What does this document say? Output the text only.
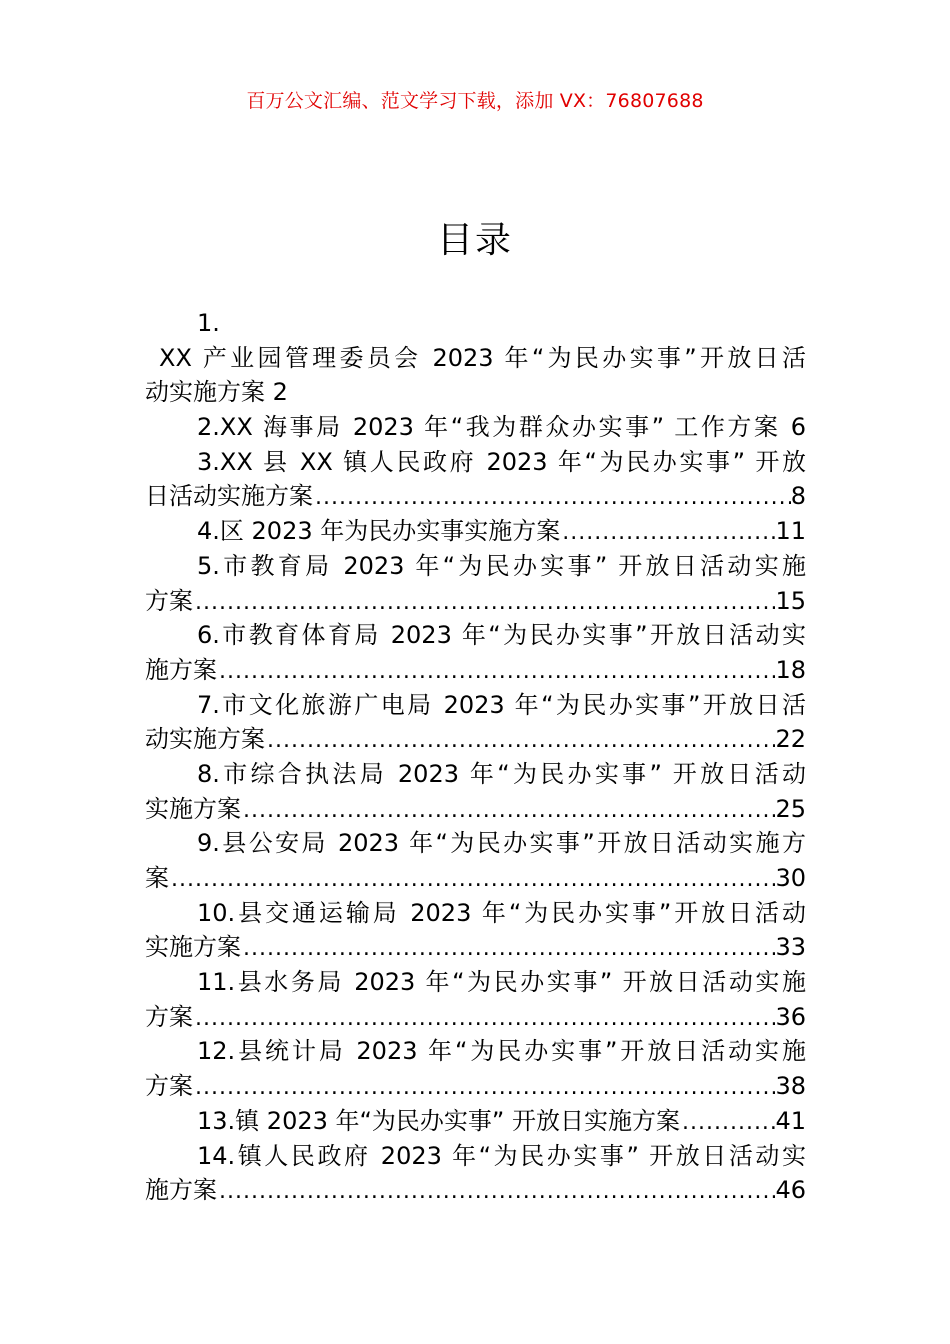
百万公文汇编、范文学习下载，添加 VX：76807688
目录
1.
XX 产业园管理委员会 2023 年“为民办实事”开放日活
动实施方案 2
2.XX 海事局 2023 年“我为群众办实事” 工作方案 6
3.XX 县 XX 镇人民政府 2023 年“为民办实事” 开放
日活动实施方案 .....	8
4.区 2023 年为民办实事实施方案 .....	11
5.市教育局 2023 年“为民办实事” 开放日活动实施
方案 .....	15
6.市教育体育局 2023 年“为民办实事”开放日活动实
施方案 .....	18
7.市文化旅游广电局 2023 年“为民办实事”开放日活
动实施方案 .....	22
8.市综合执法局 2023 年“为民办实事” 开放日活动
实施方案 .....	25
9.县公安局 2023 年“为民办实事”开放日活动实施方
案 .....	30
10.县交通运输局 2023 年“为民办实事”开放日活动
实施方案 .....	33
11.县水务局 2023 年“为民办实事” 开放日活动实施
方案 .....	36
12.县统计局 2023 年“为民办实事”开放日活动实施
方案 .....	38
13.镇 2023 年“为民办实事” 开放日实施方案 .....	41
14.镇人民政府 2023 年“为民办实事” 开放日活动实
施方案 .....	46
